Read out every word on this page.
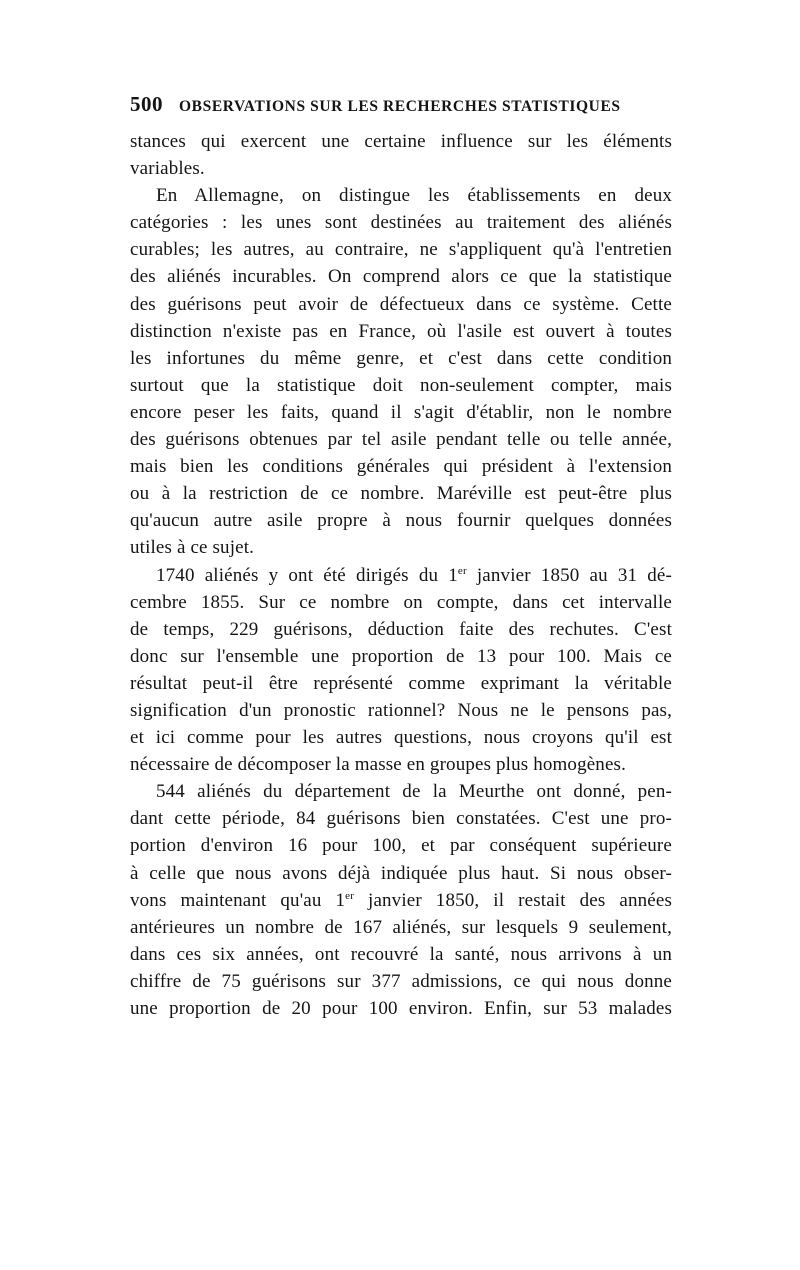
500 OBSERVATIONS SUR LES RECHERCHES STATISTIQUES
stances qui exercent une certaine influence sur les éléments
variables.
En Allemagne, on distingue les établissements en deux
catégories : les unes sont destinées au traitement des aliénés
curables; les autres, au contraire, ne s'appliquent qu'à l'entretien
des aliénés incurables. On comprend alors ce que la statistique
des guérisons peut avoir de défectueux dans ce système. Cette
distinction n'existe pas en France, où l'asile est ouvert à toutes
les infortunes du même genre, et c'est dans cette condition
surtout que la statistique doit non-seulement compter, mais
encore peser les faits, quand il s'agit d'établir, non le nombre
des guérisons obtenues par tel asile pendant telle ou telle année,
mais bien les conditions générales qui président à l'extension
ou à la restriction de ce nombre. Maréville est peut-être plus
qu'aucun autre asile propre à nous fournir quelques données
utiles à ce sujet.
1740 aliénés y ont été dirigés du 1er janvier 1850 au 31 dé-
cembre 1855. Sur ce nombre on compte, dans cet intervalle
de temps, 229 guérisons, déduction faite des rechutes. C'est
donc sur l'ensemble une proportion de 13 pour 100. Mais ce
résultat peut-il être représenté comme exprimant la véritable
signification d'un pronostic rationnel? Nous ne le pensons pas,
et ici comme pour les autres questions, nous croyons qu'il est
nécessaire de décomposer la masse en groupes plus homogènes.
544 aliénés du département de la Meurthe ont donné, pen-
dant cette période, 84 guérisons bien constatées. C'est une pro-
portion d'environ 16 pour 100, et par conséquent supérieure
à celle que nous avons déjà indiquée plus haut. Si nous obser-
vons maintenant qu'au 1er janvier 1850, il restait des années
antérieures un nombre de 167 aliénés, sur lesquels 9 seulement,
dans ces six années, ont recouvré la santé, nous arrivons à un
chiffre de 75 guérisons sur 377 admissions, ce qui nous donne
une proportion de 20 pour 100 environ. Enfin, sur 53 malades
